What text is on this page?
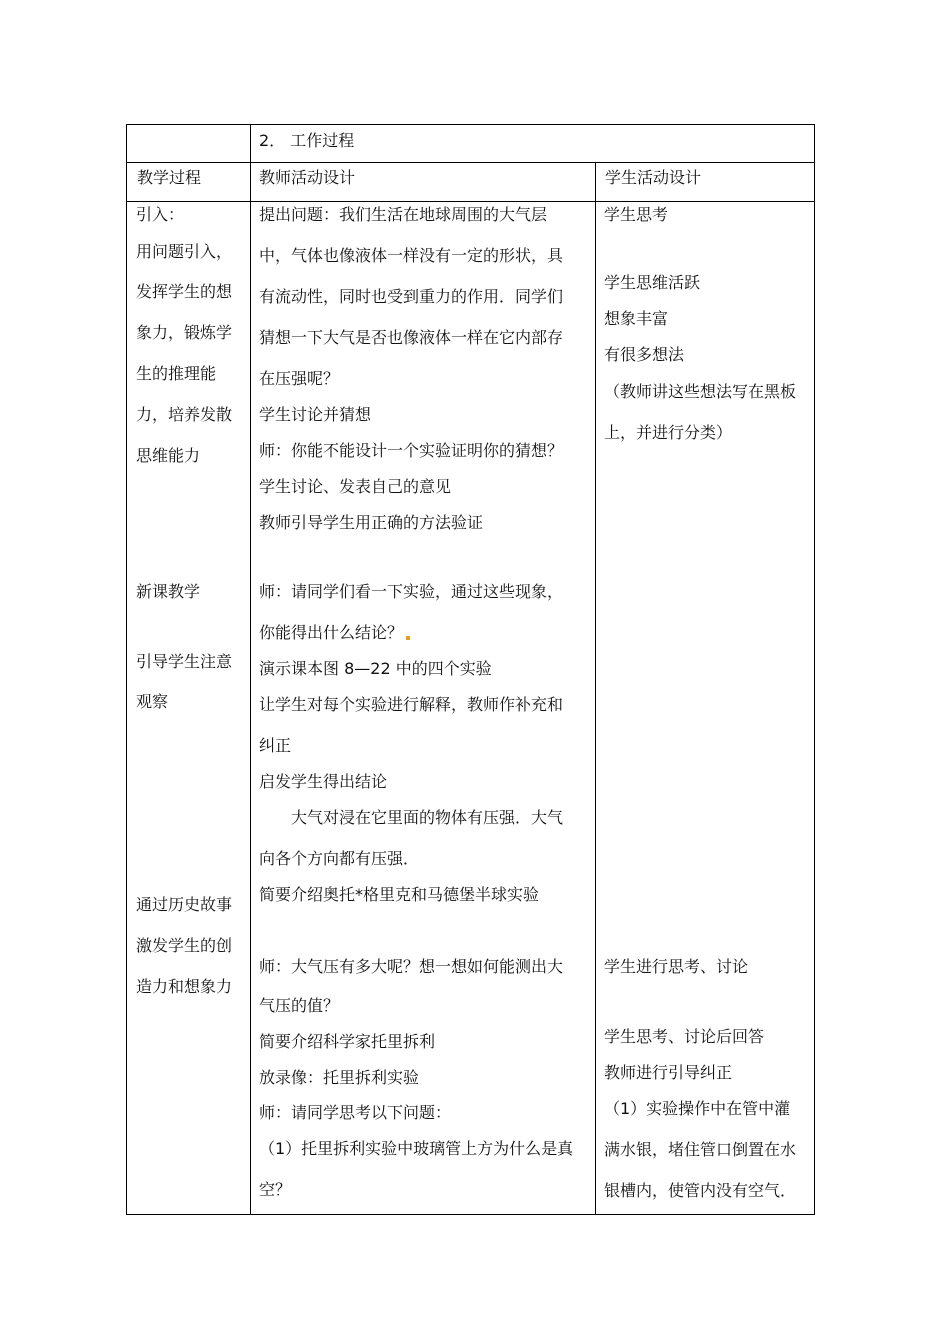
2． 工作过程
教学过程	教师活动设计	学生活动设计
引入：
用问题引入，
发挥学生的想
象力，锻炼学
生的推理能
力，培养发散
思维能力
新课教学
引导学生注意
观察
通过历史故事
激发学生的创
造力和想象力
提出问题：我们生活在地球周围的大气层
中，气体也像液体一样没有一定的形状，具
有流动性，同时也受到重力的作用．同学们
猜想一下大气是否也像液体一样在它内部存
在压强呢？
学生讨论并猜想
师：你能不能设计一个实验证明你的猜想？
学生讨论、发表自己的意见
教师引导学生用正确的方法验证
师：请同学们看一下实验，通过这些现象，
你能得出什么结论？
演示课本图 8—22 中的四个实验
让学生对每个实验进行解释，教师作补充和
纠正
启发学生得出结论
大气对浸在它里面的物体有压强．大气
向各个方向都有压强．
简要介绍奥托*格里克和马德堡半球实验
师：大气压有多大呢？想一想如何能测出大
气压的值？
简要介绍科学家托里拆利
放录像：托里拆利实验
师：请同学思考以下问题：
（1）托里拆利实验中玻璃管上方为什么是真
空？
学生思考
学生思维活跃
想象丰富
有很多想法
（教师讲这些想法写在黑板
上，并进行分类）
学生进行思考、讨论
学生思考、讨论后回答
教师进行引导纠正
（1）实验操作中在管中灌
满水银，堵住管口倒置在水
银槽内，使管内没有空气．
